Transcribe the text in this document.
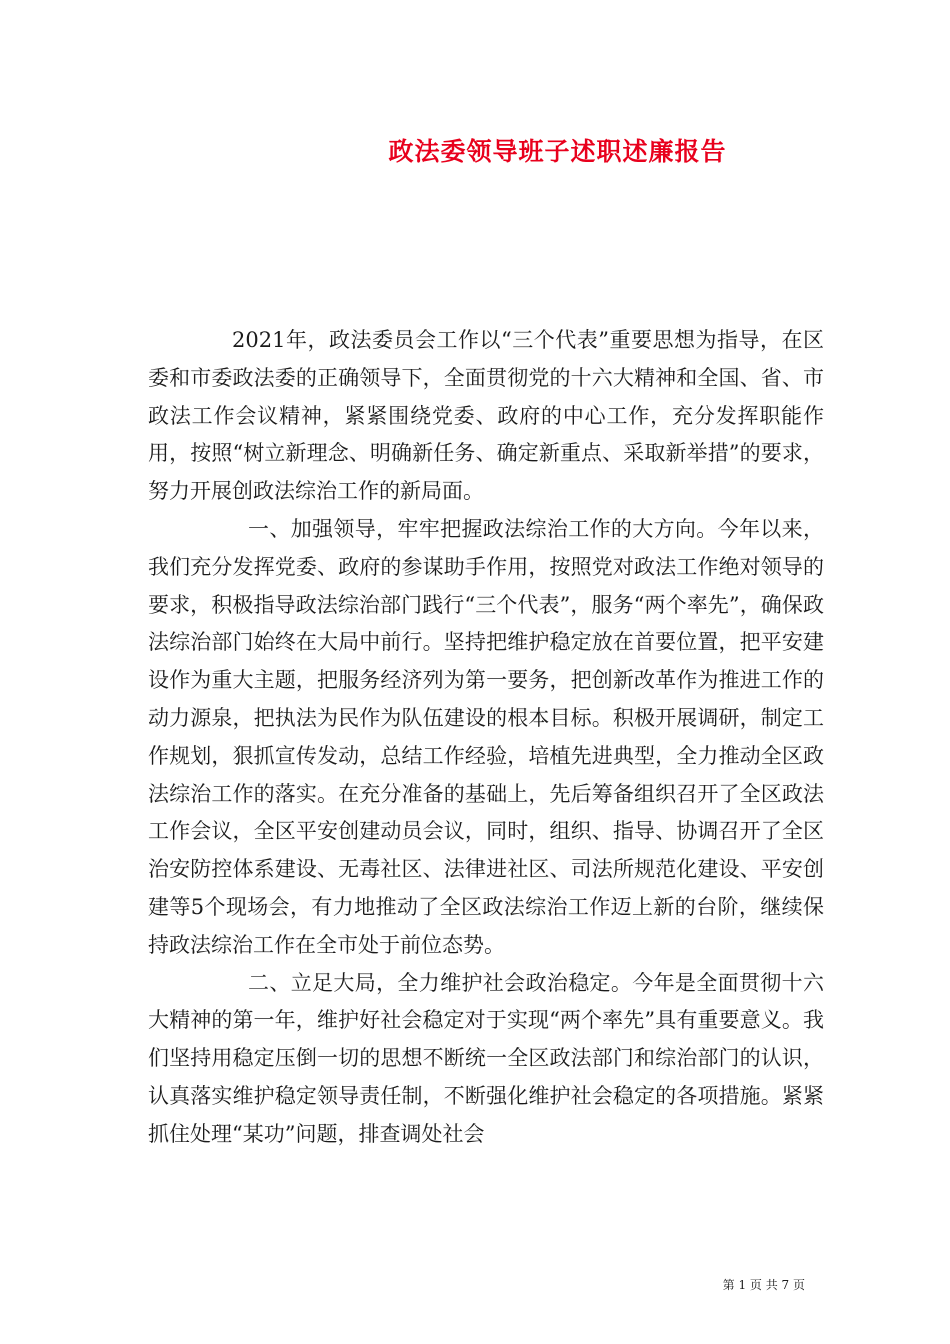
政法委领导班子述职述廉报告

2021年，政法委员会工作以“三个代表”重要思想为指导，在区委和市委政法委的正确领导下，全面贯彻党的十六大精神和全国、省、市政法工作会议精神，紧紧围绕党委、政府的中心工作，充分发挥职能作用，按照“树立新理念、明确新任务、确定新重点、采取新举措”的要求，努力开展创政法综治工作的新局面。

一、加强领导，牢牢把握政法综治工作的大方向。今年以来，我们充分发挥党委、政府的参谋助手作用，按照党对政法工作绝对领导的要求，积极指导政法综治部门践行“三个代表”，服务“两个率先”，确保政法综治部门始终在大局中前行。坚持把维护稳定放在首要位置，把平安建设作为重大主题，把服务经济列为第一要务，把创新改革作为推进工作的动力源泉，把执法为民作为队伍建设的根本目标。积极开展调研，制定工作规划，狠抓宣传发动，总结工作经验，培植先进典型，全力推动全区政法综治工作的落实。在充分准备的基础上，先后筹备组织召开了全区政法工作会议，全区平安创建动员会议，同时，组织、指导、协调召开了全区治安防控体系建设、无毒社区、法律进社区、司法所规范化建设、平安创建等5个现场会，有力地推动了全区政法综治工作迈上新的台阶，继续保持政法综治工作在全市处于前位态势。

二、立足大局，全力维护社会政治稳定。今年是全面贯彻十六大精神的第一年，维护好社会稳定对于实现“两个率先”具有重要意义。我们坚持用稳定压倒一切的思想不断统一全区政法部门和综治部门的认识，认真落实维护稳定领导责任制，不断强化维护社会稳定的各项措施。紧紧抓住处理“某功”问题，排查调处社会

第 1 页 共 7 页
